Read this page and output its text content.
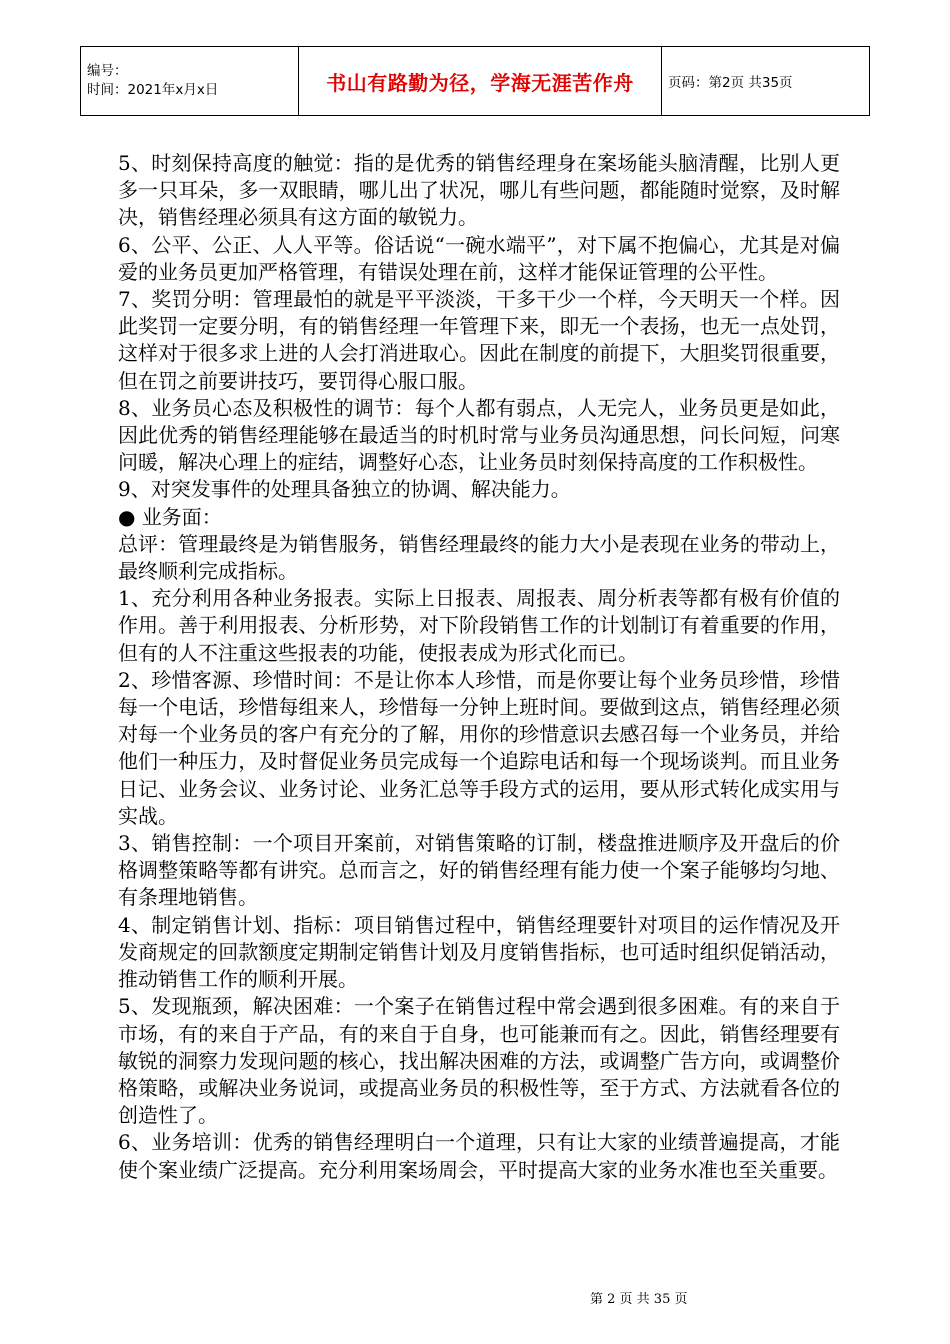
编号：
时间：2021年x月x日	书山有路勤为径，学海无涯苦作舟	页码：第2页 共35页

5、时刻保持高度的触觉：指的是优秀的销售经理身在案场能头脑清醒，比别人更多一只耳朵，多一双眼睛，哪儿出了状况，哪儿有些问题，都能随时觉察，及时解决，销售经理必须具有这方面的敏锐力。

6、公平、公正、人人平等。俗话说“一碗水端平”，对下属不抱偏心，尤其是对偏爱的业务员更加严格管理，有错误处理在前，这样才能保证管理的公平性。

7、奖罚分明：管理最怕的就是平平淡淡，干多干少一个样，今天明天一个样。因此奖罚一定要分明，有的销售经理一年管理下来，即无一个表扬，也无一点处罚，这样对于很多求上进的人会打消进取心。因此在制度的前提下，大胆奖罚很重要，但在罚之前要讲技巧，要罚得心服口服。

8、业务员心态及积极性的调节：每个人都有弱点，人无完人，业务员更是如此，因此优秀的销售经理能够在最适当的时机时常与业务员沟通思想，问长问短，问寒问暖，解决心理上的症结，调整好心态，让业务员时刻保持高度的工作积极性。

9、对突发事件的处理具备独立的协调、解决能力。

● 业务面：

总评：管理最终是为销售服务，销售经理最终的能力大小是表现在业务的带动上，最终顺利完成指标。

1、充分利用各种业务报表。实际上日报表、周报表、周分析表等都有极有价值的作用。善于利用报表、分析形势，对下阶段销售工作的计划制订有着重要的作用，但有的人不注重这些报表的功能，使报表成为形式化而已。

2、珍惜客源、珍惜时间：不是让你本人珍惜，而是你要让每个业务员珍惜，珍惜每一个电话，珍惜每组来人，珍惜每一分钟上班时间。要做到这点，销售经理必须对每一个业务员的客户有充分的了解，用你的珍惜意识去感召每一个业务员，并给他们一种压力，及时督促业务员完成每一个追踪电话和每一个现场谈判。而且业务日记、业务会议、业务讨论、业务汇总等手段方式的运用，要从形式转化成实用与实战。

3、销售控制：一个项目开案前，对销售策略的订制，楼盘推进顺序及开盘后的价格调整策略等都有讲究。总而言之，好的销售经理有能力使一个案子能够均匀地、有条理地销售。

4、制定销售计划、指标：项目销售过程中，销售经理要针对项目的运作情况及开发商规定的回款额度定期制定销售计划及月度销售指标，也可适时组织促销活动，推动销售工作的顺利开展。

5、发现瓶颈，解决困难：一个案子在销售过程中常会遇到很多困难。有的来自于市场，有的来自于产品，有的来自于自身，也可能兼而有之。因此，销售经理要有敏锐的洞察力发现问题的核心，找出解决困难的方法，或调整广告方向，或调整价格策略，或解决业务说词，或提高业务员的积极性等，至于方式、方法就看各位的创造性了。

6、业务培训：优秀的销售经理明白一个道理，只有让大家的业绩普遍提高，才能使个案业绩广泛提高。充分利用案场周会，平时提高大家的业务水准也至关重要。

第 2 页 共 35 页
